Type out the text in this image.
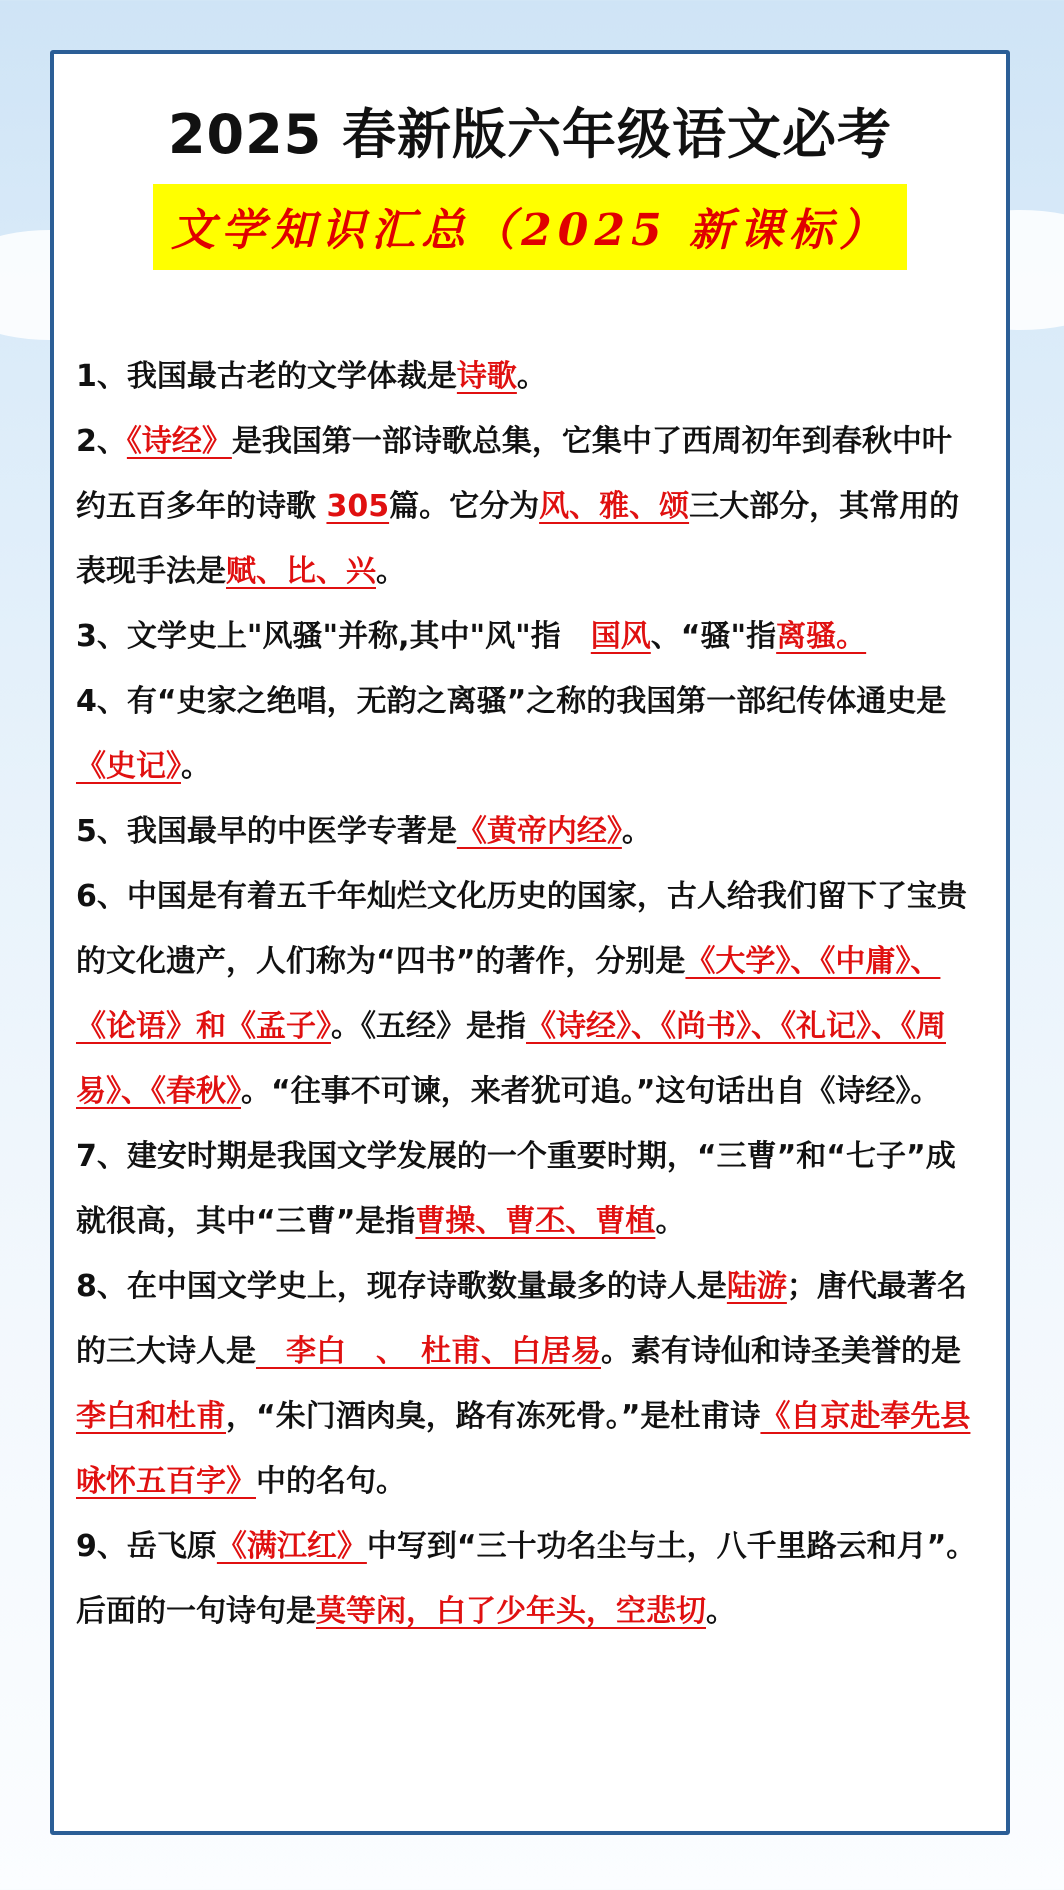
2025 春新版六年级语文必考
文学知识汇总（2025 新课标）

1、我国最古老的文学体裁是诗歌。

2、《诗经》是我国第一部诗歌总集，它集中了西周初年到春秋中叶约五百多年的诗歌 305篇。它分为风、雅、颂三大部分，其常用的表现手法是赋、比、兴。

3、文学史上"风骚"并称,其中"风"指　国风、“骚"指离骚。

4、有“史家之绝唱，无韵之离骚”之称的我国第一部纪传体通史是《史记》。

5、我国最早的中医学专著是《黄帝内经》。

6、中国是有着五千年灿烂文化历史的国家，古人给我们留下了宝贵的文化遗产，人们称为“四书”的著作，分别是《大学》、《中庸》、《论语》和《孟子》。《五经》是指《诗经》、《尚书》、《礼记》、《周易》、《春秋》。“往事不可谏，来者犹可追。”这句话出自《诗经》。

7、建安时期是我国文学发展的一个重要时期，“三曹”和“七子”成就很高，其中“三曹”是指曹操、曹丕、曹植。

8、在中国文学史上，现存诗歌数量最多的诗人是陆游；唐代最著名的三大诗人是　李白　、　杜甫、白居易。素有诗仙和诗圣美誉的是李白和杜甫，“朱门酒肉臭，路有冻死骨。”是杜甫诗《自京赴奉先县咏怀五百字》中的名句。

9、岳飞原《满江红》中写到“三十功名尘与土，八千里路云和月”。后面的一句诗句是莫等闲，白了少年头，空悲切。
